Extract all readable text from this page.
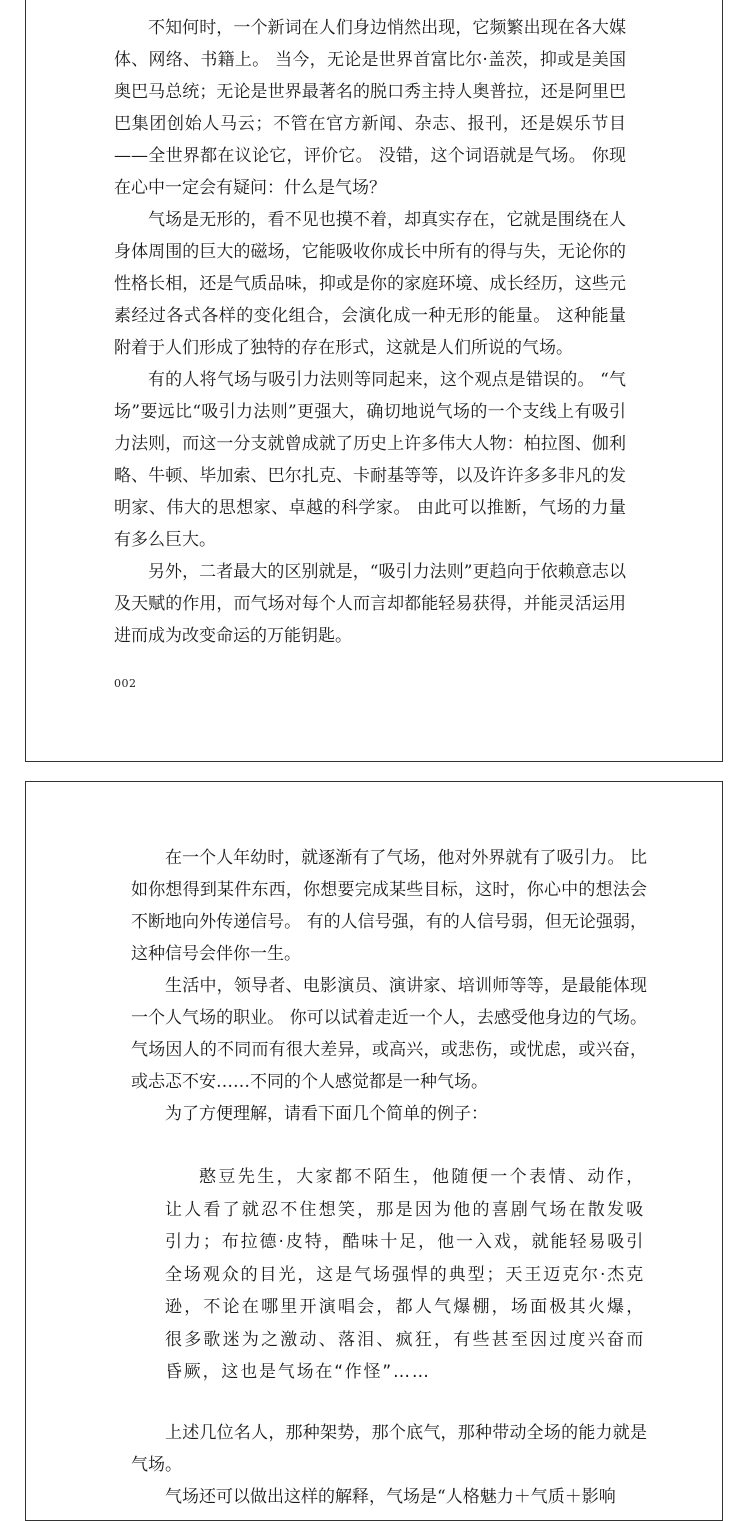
不知何时，一个新词在人们身边悄然出现，它频繁出现在各大媒体、网络、书籍上。 当今，无论是世界首富比尔·盖茨，抑或是美国奥巴马总统；无论是世界最著名的脱口秀主持人奥普拉，还是阿里巴巴集团创始人马云；不管在官方新闻、杂志、报刊，还是娱乐节目——全世界都在议论它，评价它。 没错，这个词语就是气场。 你现在心中一定会有疑问：什么是气场？

气场是无形的，看不见也摸不着，却真实存在，它就是围绕在人身体周围的巨大的磁场，它能吸收你成长中所有的得与失，无论你的性格长相，还是气质品味，抑或是你的家庭环境、成长经历，这些元素经过各式各样的变化组合，会演化成一种无形的能量。 这种能量附着于人们形成了独特的存在形式，这就是人们所说的气场。

有的人将气场与吸引力法则等同起来，这个观点是错误的。 “气场”要远比“吸引力法则”更强大，确切地说气场的一个支线上有吸引力法则，而这一分支就曾成就了历史上许多伟大人物：柏拉图、伽利略、牛顿、毕加索、巴尔扎克、卡耐基等等，以及许许多多非凡的发明家、伟大的思想家、卓越的科学家。 由此可以推断，气场的力量有多么巨大。

另外，二者最大的区别就是，“吸引力法则”更趋向于依赖意志以及天赋的作用，而气场对每个人而言却都能轻易获得，并能灵活运用进而成为改变命运的万能钥匙。

002

在一个人年幼时，就逐渐有了气场，他对外界就有了吸引力。 比如你想得到某件东西，你想要完成某些目标，这时，你心中的想法会不断地向外传递信号。 有的人信号强，有的人信号弱，但无论强弱，这种信号会伴你一生。

生活中，领导者、电影演员、演讲家、培训师等等，是最能体现一个人气场的职业。 你可以试着走近一个人，去感受他身边的气场。 气场因人的不同而有很大差异，或高兴，或悲伤，或忧虑，或兴奋，或忐忑不安……不同的个人感觉都是一种气场。

为了方便理解，请看下面几个简单的例子：

憨豆先生，大家都不陌生，他随便一个表情、动作，让人看了就忍不住想笑，那是因为他的喜剧气场在散发吸引力；布拉德·皮特，酷味十足，他一入戏，就能轻易吸引全场观众的目光，这是气场强悍的典型；天王迈克尔·杰克逊，不论在哪里开演唱会，都人气爆棚，场面极其火爆，很多歌迷为之激动、落泪、疯狂，有些甚至因过度兴奋而昏厥，这也是气场在“作怪”……

上述几位名人，那种架势，那个底气，那种带动全场的能力就是气场。

气场还可以做出这样的解释，气场是“人格魅力＋气质＋影响
